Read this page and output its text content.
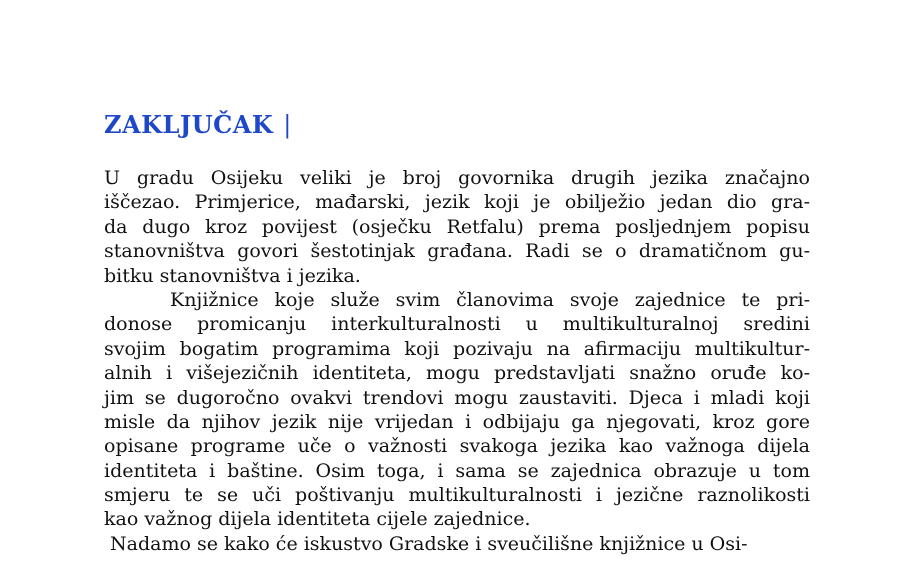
ZAKLJUČAK |
U gradu Osijeku veliki je broj govornika drugih jezika značajno
iščezao. Primjerice, mađarski, jezik koji je obilježio jedan dio gra-
da dugo kroz povijest (osječku Retfalu) prema posljednjem popisu
stanovništva govori šestotinjak građana. Radi se o dramatičnom gu-
bitku stanovništva i jezika.
Knjižnice koje služe svim članovima svoje zajednice te pri-
donose promicanju interkulturalnosti u multikulturalnoj sredini
svojim bogatim programima koji pozivaju na afirmaciju multikultur-
alnih i višejezičnih identiteta, mogu predstavljati snažno oruđe ko-
jim se dugoročno ovakvi trendovi mogu zaustaviti. Djeca i mladi koji
misle da njihov jezik nije vrijedan i odbijaju ga njegovati, kroz gore
opisane programe uče o važnosti svakoga jezika kao važnoga dijela
identiteta i baštine. Osim toga, i sama se zajednica obrazuje u tom
smjeru te se uči poštivanju multikulturalnosti i jezične raznolikosti
kao važnog dijela identiteta cijele zajednice.
Nadamo se kako će iskustvo Gradske i sveučilišne knjižnice u Osi-
